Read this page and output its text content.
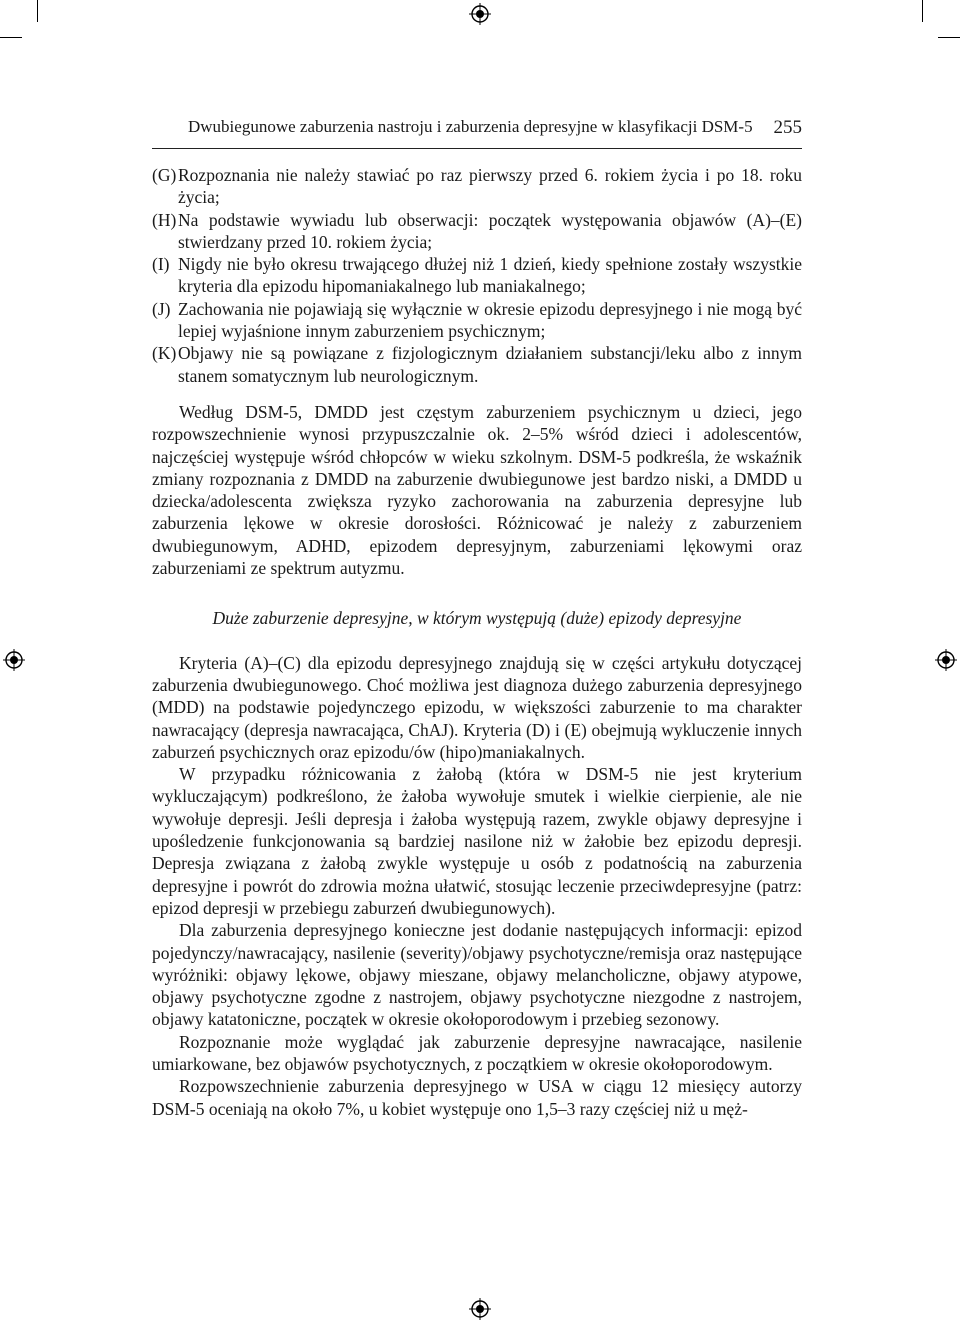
Dwubiegunowe zaburzenia nastroju i zaburzenia depresyjne w klasyfikacji DSM-5 255
(G)Rozpoznania nie należy stawiać po raz pierwszy przed 6. rokiem życia i po 18. roku życia;
(H)Na podstawie wywiadu lub obserwacji: początek występowania objawów (A)–(E) stwierdzany przed 10. rokiem życia;
(I) Nigdy nie było okresu trwającego dłużej niż 1 dzień, kiedy spełnione zostały wszystkie kryteria dla epizodu hipomaniakalnego lub maniakalnego;
(J) Zachowania nie pojawiają się wyłącznie w okresie epizodu depresyjnego i nie mogą być lepiej wyjaśnione innym zaburzeniem psychicznym;
(K)Objawy nie są powiązane z fizjologicznym działaniem substancji/leku albo z innym stanem somatycznym lub neurologicznym.

Według DSM-5, DMDD jest częstym zaburzeniem psychicznym u dzieci, jego rozpowszechnienie wynosi przypuszczalnie ok. 2–5% wśród dzieci i adolescentów, najczęściej występuje wśród chłopców w wieku szkolnym. DSM-5 podkreśla, że wskaźnik zmiany rozpoznania z DMDD na zaburzenie dwubiegunowe jest bardzo niski, a DMDD u dziecka/adolescenta zwiększa ryzyko zachorowania na zaburzenia depresyjne lub zaburzenia lękowe w okresie dorosłości. Różnicować je należy z zaburzeniem dwubiegunowym, ADHD, epizodem depresyjnym, zaburzeniami lękowymi oraz zaburzeniami ze spektrum autyzmu.

Duże zaburzenie depresyjne, w którym występują (duże) epizody depresyjne

Kryteria (A)–(C) dla epizodu depresyjnego znajdują się w części artykułu dotyczącej zaburzenia dwubiegunowego. Choć możliwa jest diagnoza dużego zaburzenia depresyjnego (MDD) na podstawie pojedynczego epizodu, w większości zaburzenie to ma charakter nawracający (depresja nawracająca, ChAJ). Kryteria (D) i (E) obejmują wykluczenie innych zaburzeń psychicznych oraz epizodu/ów (hipo)maniakalnych.

W przypadku różnicowania z żałobą (która w DSM-5 nie jest kryterium wykluczającym) podkreślono, że żałoba wywołuje smutek i wielkie cierpienie, ale nie wywołuje depresji. Jeśli depresja i żałoba występują razem, zwykle objawy depresyjne i upośledzenie funkcjonowania są bardziej nasilone niż w żałobie bez epizodu depresji. Depresja związana z żałobą zwykle występuje u osób z podatnością na zaburzenia depresyjne i powrót do zdrowia można ułatwić, stosując leczenie przeciwdepresyjne (patrz: epizod depresji w przebiegu zaburzeń dwubiegunowych).

Dla zaburzenia depresyjnego konieczne jest dodanie następujących informacji: epizod pojedynczy/nawracający, nasilenie (severity)/objawy psychotyczne/remisja oraz następujące wyróżniki: objawy lękowe, objawy mieszane, objawy melancholiczne, objawy atypowe, objawy psychotyczne zgodne z nastrojem, objawy psychotyczne niezgodne z nastrojem, objawy katatoniczne, początek w okresie okołoporodowym i przebieg sezonowy.

Rozpoznanie może wyglądać jak zaburzenie depresyjne nawracające, nasilenie umiarkowane, bez objawów psychotycznych, z początkiem w okresie okołoporodowym.

Rozpowszechnienie zaburzenia depresyjnego w USA w ciągu 12 miesięcy autorzy DSM-5 oceniają na około 7%, u kobiet występuje ono 1,5–3 razy częściej niż u męż-
